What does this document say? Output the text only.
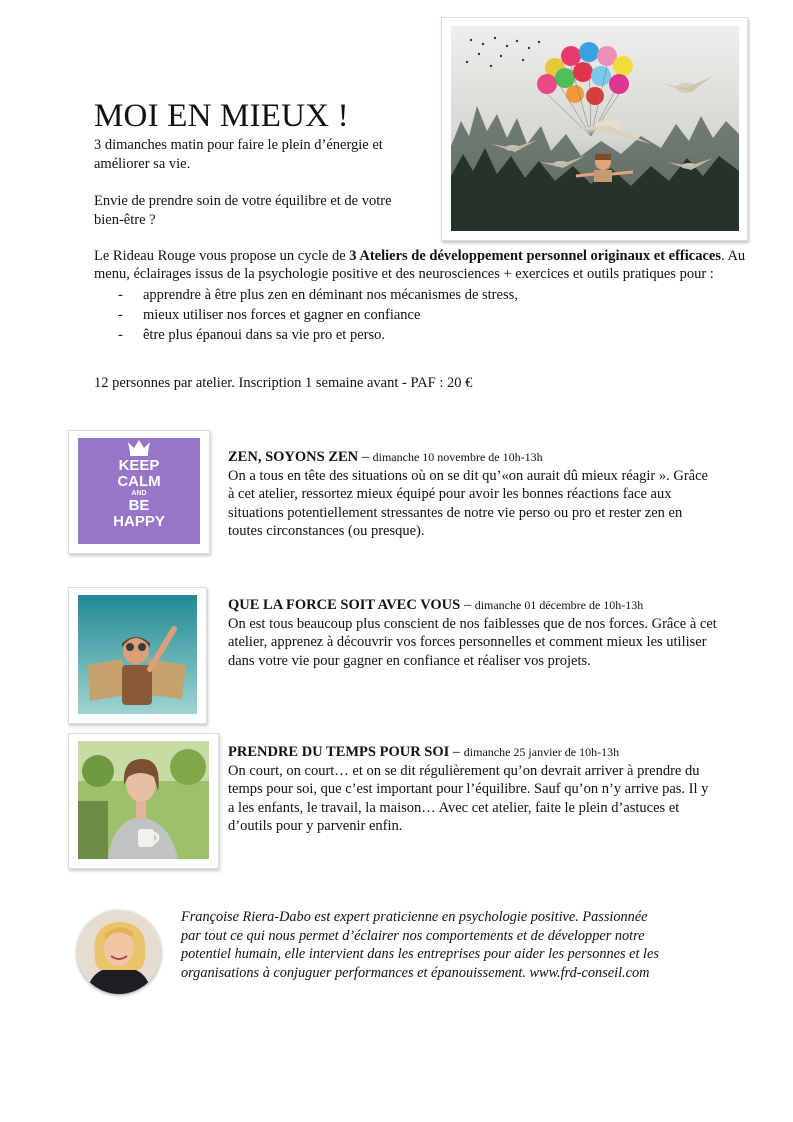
MOI EN MIEUX !

3 dimanches matin pour faire le plein d’énergie et améliorer sa vie.

Envie de prendre soin de votre équilibre et de votre bien-être ?

Le Rideau Rouge vous propose un cycle de 3 Ateliers de développement personnel originaux et efficaces. Au menu, éclairages issus de la psychologie positive et des neurosciences + exercices et outils pratiques pour :

- apprendre à être plus zen en déminant nos mécanismes de stress,
- mieux utiliser nos forces et gagner en confiance
- être plus épanoui dans sa vie pro et perso.
12 personnes par atelier. Inscription 1 semaine avant - PAF : 20 €
KEEP
CALM
AND
BE
HAPPY

ZEN, SOYONS ZEN – dimanche 10 novembre de 10h-13h

On a tous en tête des situations où on se dit qu’«on aurait dû mieux réagir ». Grâce à cet atelier, ressortez mieux équipé pour avoir les bonnes réactions face aux situations potentiellement stressantes de notre vie perso ou pro et rester zen en toutes circonstances (ou presque).

QUE LA FORCE SOIT AVEC VOUS – dimanche 01 décembre de 10h-13h

On est tous beaucoup plus conscient de nos faiblesses que de nos forces. Grâce à cet atelier, apprenez à découvrir vos forces personnelles et comment mieux les utiliser dans votre vie pour gagner en confiance et réaliser vos projets.

PRENDRE DU TEMPS POUR SOI – dimanche 25 janvier de 10h-13h

On court, on court… et on se dit régulièrement qu’on devrait arriver à prendre du temps pour soi, que c’est important pour l’équilibre. Sauf qu’on n’y arrive pas. Il y a les enfants, le travail, la maison… Avec cet atelier, faite le plein d’astuces et d’outils pour y parvenir enfin.

Françoise Riera-Dabo est expert praticienne en psychologie positive. Passionnée par tout ce qui nous permet d’éclairer nos comportements et de développer notre potentiel humain, elle intervient dans les entreprises pour aider les personnes et les organisations à conjuguer performances et épanouissement. www.frd-conseil.com
